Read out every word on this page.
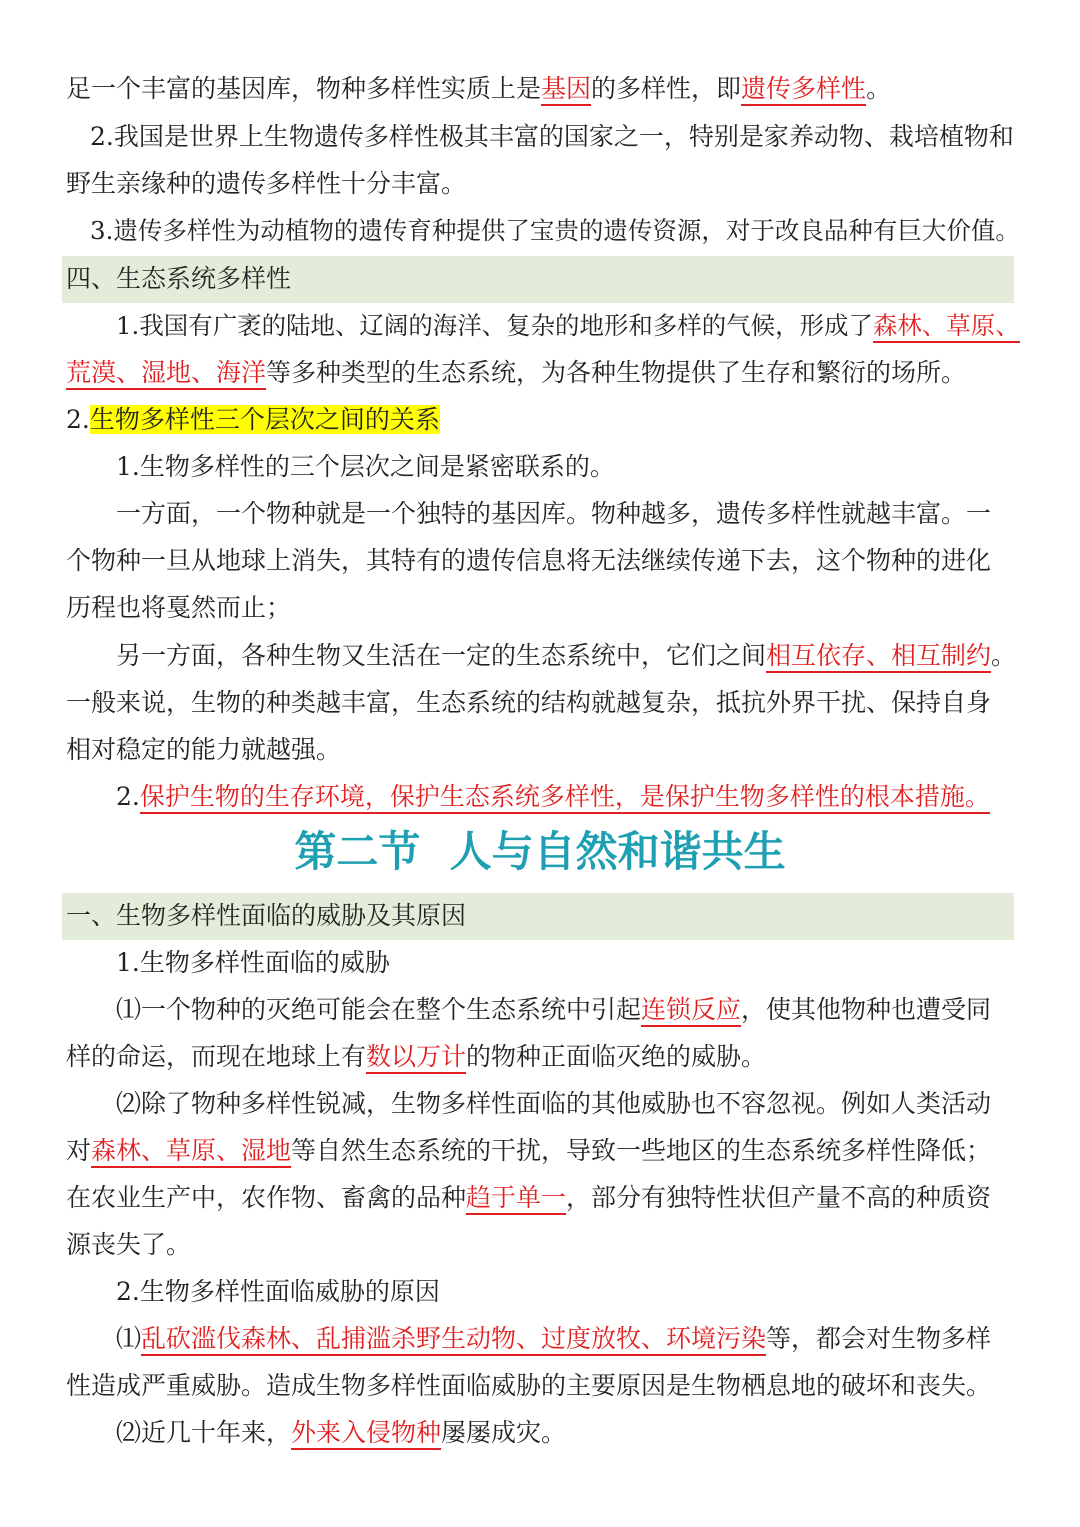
足一个丰富的基因库，物种多样性实质上是基因的多样性，即遗传多样性。
2.我国是世界上生物遗传多样性极其丰富的国家之一，特别是家养动物、栽培植物和
野生亲缘种的遗传多样性十分丰富。
3.遗传多样性为动植物的遗传育种提供了宝贵的遗传资源，对于改良品种有巨大价值。
四、生态系统多样性
1.我国有广袤的陆地、辽阔的海洋、复杂的地形和多样的气候，形成了森林、草原、
荒漠、湿地、海洋等多种类型的生态系统，为各种生物提供了生存和繁衍的场所。
2.生物多样性三个层次之间的关系
1.生物多样性的三个层次之间是紧密联系的。
一方面，一个物种就是一个独特的基因库。物种越多，遗传多样性就越丰富。一
个物种一旦从地球上消失，其特有的遗传信息将无法继续传递下去，这个物种的进化
历程也将戛然而止；
另一方面，各种生物又生活在一定的生态系统中，它们之间相互依存、相互制约。
一般来说，生物的种类越丰富，生态系统的结构就越复杂，抵抗外界干扰、保持自身
相对稳定的能力就越强。
2.保护生物的生存环境，保护生态系统多样性，是保护生物多样性的根本措施。
第二节  人与自然和谐共生
一、生物多样性面临的威胁及其原因
1.生物多样性面临的威胁
⑴一个物种的灭绝可能会在整个生态系统中引起连锁反应，使其他物种也遭受同
样的命运，而现在地球上有数以万计的物种正面临灭绝的威胁。
⑵除了物种多样性锐减，生物多样性面临的其他威胁也不容忽视。例如人类活动
对森林、草原、湿地等自然生态系统的干扰，导致一些地区的生态系统多样性降低；
在农业生产中，农作物、畜禽的品种趋于单一，部分有独特性状但产量不高的种质资
源丧失了。
2.生物多样性面临威胁的原因
⑴乱砍滥伐森林、乱捕滥杀野生动物、过度放牧、环境污染等，都会对生物多样
性造成严重威胁。造成生物多样性面临威胁的主要原因是生物栖息地的破坏和丧失。
⑵近几十年来，外来入侵物种屡屡成灾。
